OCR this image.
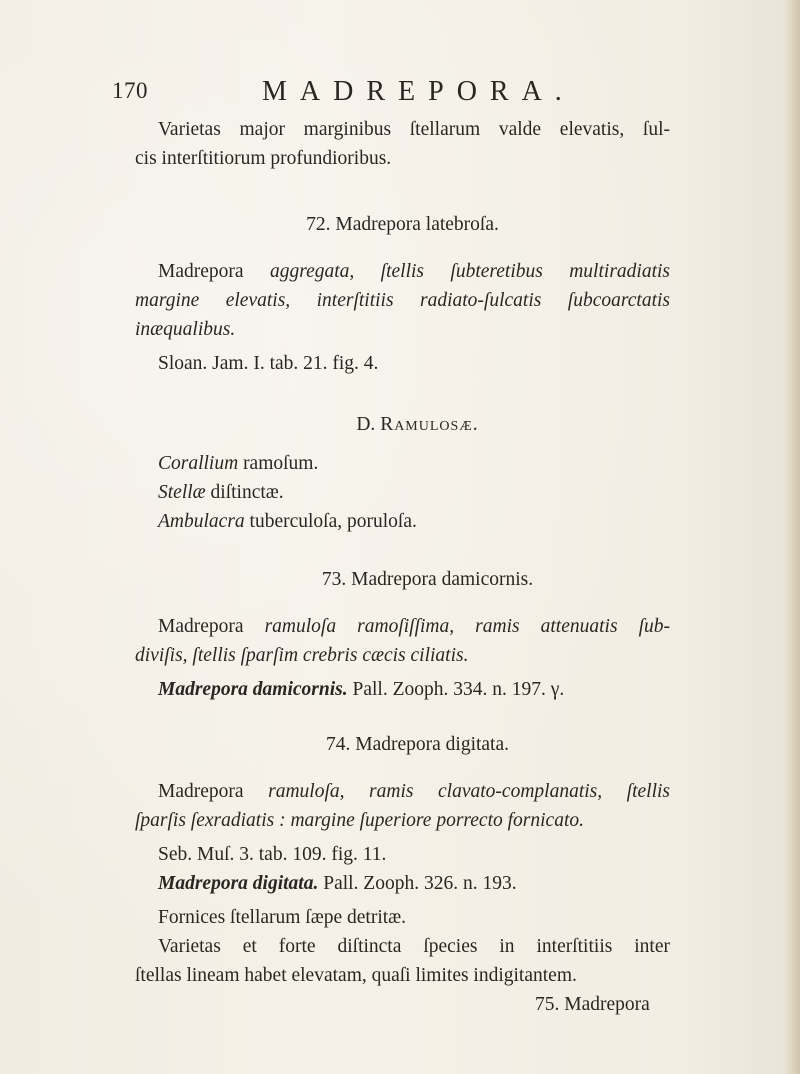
170	MADREPORA.
Varietas major marginibus ſtellarum valde elevatis, ſul-
cis interſtitiorum profundioribus.
72. Madrepora latebroſa.
Madrepora aggregata, ſtellis ſubteretibus multiradiatis
margine elevatis, interſtitiis radiato-ſulcatis ſubcoarctatis
inæqualibus.
Sloan. Jam. I. tab. 21. fig. 4.
D. Ramulosæ.
Corallium ramoſum.
Stellæ diſtinctæ.
Ambulacra tuberculoſa, poruloſa.
73. Madrepora damicornis.
Madrepora ramuloſa ramoſiſſima, ramis attenuatis ſub-
diviſis, ſtellis ſparſim crebris cæcis ciliatis.
Madrepora damicornis. Pall. Zooph. 334. n. 197. γ.
74. Madrepora digitata.
Madrepora ramuloſa, ramis clavato-complanatis, ſtellis
ſparſis ſexradiatis : margine ſuperiore porrecto fornicato.
Seb. Muſ. 3. tab. 109. fig. 11.
Madrepora digitata. Pall. Zooph. 326. n. 193.
Fornices ſtellarum ſæpe detritæ.
Varietas et forte diſtincta ſpecies in interſtitiis inter
ſtellas lineam habet elevatam, quaſi limites indigitantem.
75. Madrepora
